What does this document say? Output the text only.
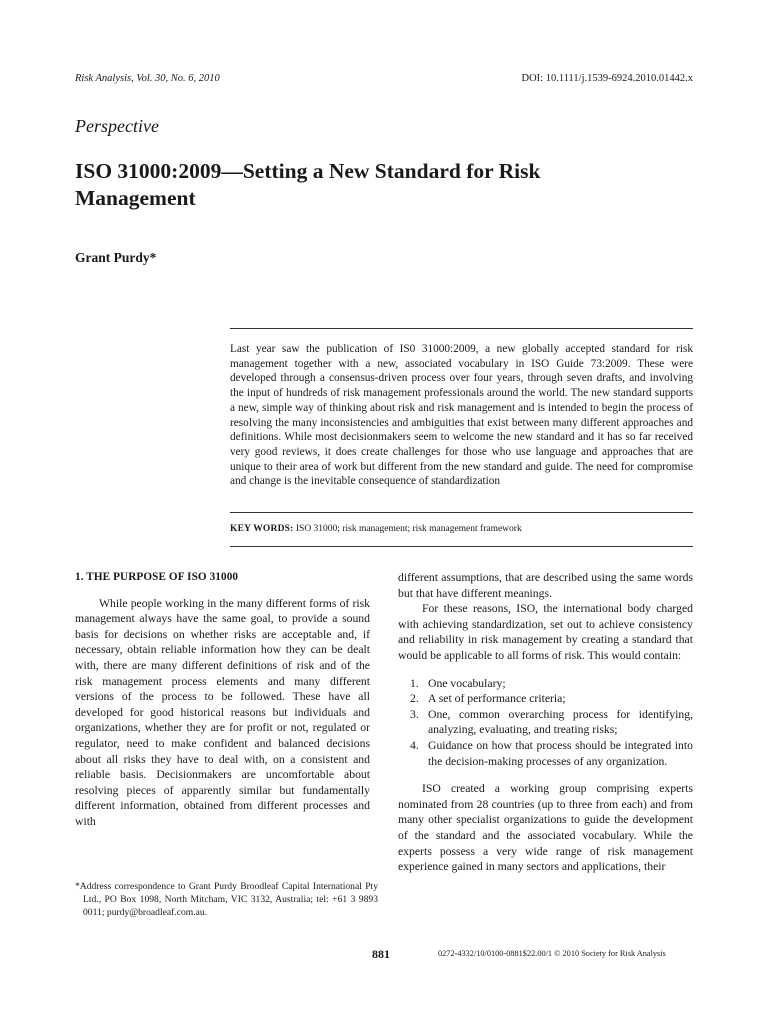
Risk Analysis, Vol. 30, No. 6, 2010	DOI: 10.1111/j.1539-6924.2010.01442.x
Perspective
ISO 31000:2009—Setting a New Standard for Risk Management
Grant Purdy*

Last year saw the publication of IS0 31000:2009, a new globally accepted standard for risk management together with a new, associated vocabulary in ISO Guide 73:2009. These were developed through a consensus-driven process over four years, through seven drafts, and involving the input of hundreds of risk management professionals around the world. The new standard supports a new, simple way of thinking about risk and risk management and is intended to begin the process of resolving the many inconsistencies and ambiguities that exist between many different approaches and definitions. While most decisionmakers seem to welcome the new standard and it has so far received very good reviews, it does create challenges for those who use language and approaches that are unique to their area of work but different from the new standard and guide. The need for compromise and change is the inevitable consequence of standardization

KEY WORDS: ISO 31000; risk management; risk management framework
1. THE PURPOSE OF ISO 31000

While people working in the many different forms of risk management always have the same goal, to provide a sound basis for decisions on whether risks are acceptable and, if necessary, obtain reliable information how they can be dealt with, there are many different definitions of risk and of the risk management process elements and many different versions of the process to be followed. These have all developed for good historical reasons but individuals and organizations, whether they are for profit or not, regulated or regulator, need to make confident and balanced decisions about all risks they have to deal with, on a consistent and reliable basis. Decisionmakers are uncomfortable about resolving pieces of apparently similar but fundamentally different information, obtained from different processes and with

different assumptions, that are described using the same words but that have different meanings.

For these reasons, ISO, the international body charged with achieving standardization, set out to achieve consistency and reliability in risk management by creating a standard that would be applicable to all forms of risk. This would contain:

1. One vocabulary;
2. A set of performance criteria;
3. One, common overarching process for identifying, analyzing, evaluating, and treating risks;
4. Guidance on how that process should be integrated into the decision-making processes of any organization.

ISO created a working group comprising experts nominated from 28 countries (up to three from each) and from many other specialist organizations to guide the development of the standard and the associated vocabulary. While the experts possess a very wide range of risk management experience gained in many sectors and applications, their

*Address correspondence to Grant Purdy Broodleaf Capital International Pty Ltd., PO Box 1098, North Mitcham, VIC 3132, Australia; tel: +61 3 9893 0011; purdy@broadleaf.com.au.

881	0272-4332/10/0100-0881$22.00/1 © 2010 Society for Risk Analysis
